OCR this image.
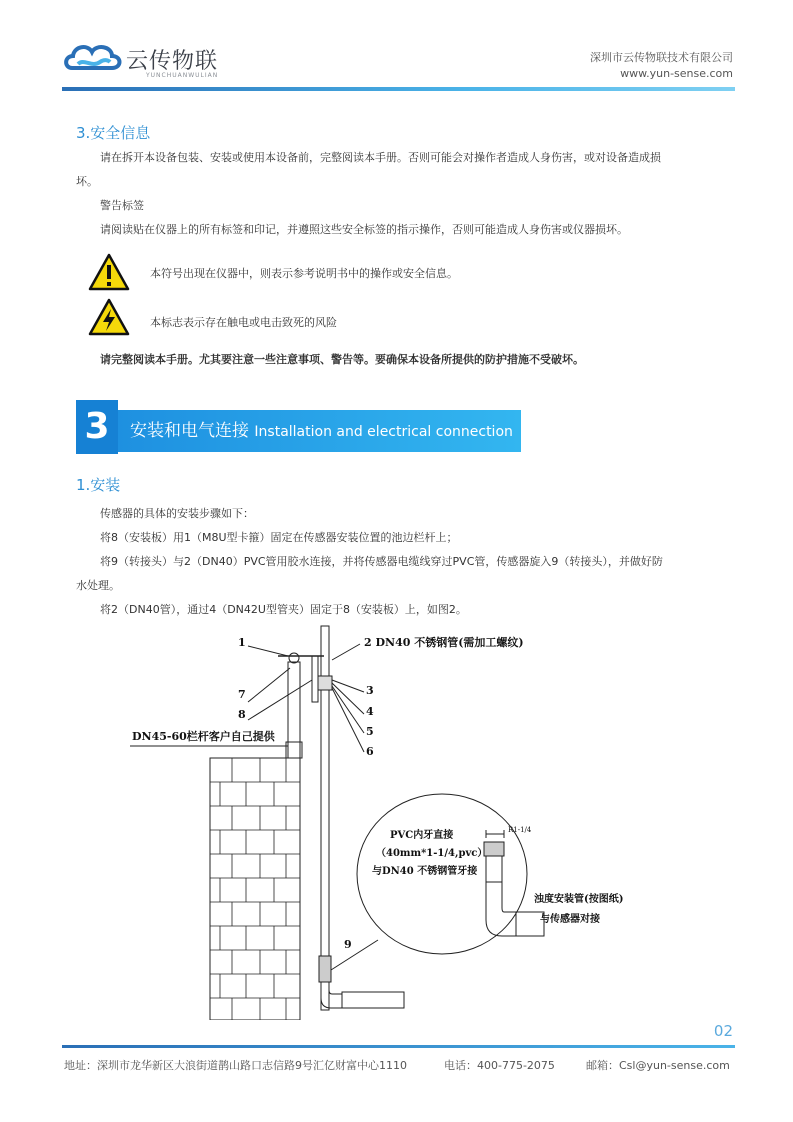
云传物联
YUNCHUANWULIAN
深圳市云传物联技术有限公司
www.yun-sense.com
3.安全信息
请在拆开本设备包装、安装或使用本设备前，完整阅读本手册。否则可能会对操作者造成人身伤害，或对设备造成损
坏。
警告标签
请阅读贴在仪器上的所有标签和印记，并遵照这些安全标签的指示操作，否则可能造成人身伤害或仪器损坏。
本符号出现在仪器中，则表示参考说明书中的操作或安全信息。
本标志表示存在触电或电击致死的风险
请完整阅读本手册。尤其要注意一些注意事项、警告等。要确保本设备所提供的防护措施不受破坏。
3	安装和电气连接 Installation and electrical connection
1.安装
传感器的具体的安装步骤如下：
将8（安装板）用1（M8U型卡箍）固定在传感器安装位置的池边栏杆上；
将9（转接头）与2（DN40）PVC管用胶水连接，并将传感器电缆线穿过PVC管，传感器旋入9（转接头），并做好防
水处理。
将2（DN40管），通过4（DN42U型管夹）固定于8（安装板）上，如图2。
1	2 DN40 不锈钢管(需加工螺纹)
3
4
5
6
7
8
9
DN45-60栏杆客户自己提供
PVC内牙直接
（40mm*1-1/4,pvc）
与DN40 不锈钢管牙接
R1-1/4
浊度安装管(按图纸)
与传感器对接
02
地址：深圳市龙华新区大浪街道鹊山路口志信路9号汇亿财富中心1110	电话：400-775-2075	邮箱：Csl@yun-sense.com
